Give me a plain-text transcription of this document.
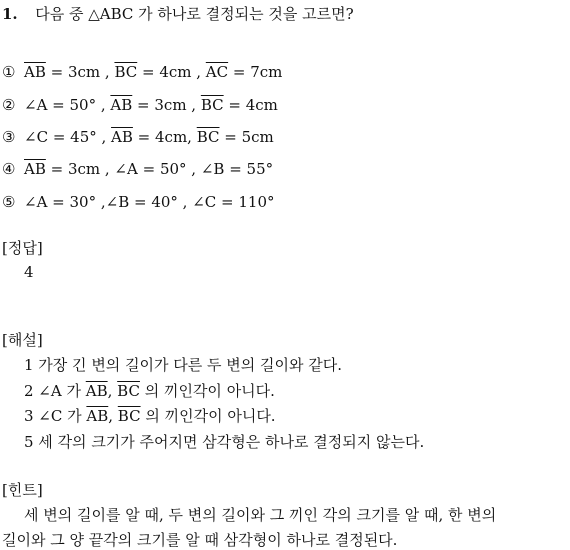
1. 다음 중 △ABC 가 하나로 결정되는 것을 고르면?
① $\overline{AB} = 3cm$ , $\overline{BC} = 4cm$ , $\overline{AC} = 7cm$
② ∠A = 50° , $\overline{AB} = 3cm$ , $\overline{BC} = 4cm$
③ ∠C = 45° , $\overline{AB} = 4cm$, $\overline{BC} = 5cm$
④ $\overline{AB} = 3cm$ , ∠A = 50° , ∠B = 55°
⑤ ∠A = 30° ,∠B = 40° , ∠C = 110°
[정답]
4
[해설]
1 가장 긴 변의 길이가 다른 두 변의 길이와 같다.
2 ∠A 가 $\overline{AB}$, $\overline{BC}$ 의 끼인각이 아니다.
3 ∠C 가 $\overline{AB}$, $\overline{BC}$ 의 끼인각이 아니다.
5 세 각의 크기가 주어지면 삼각형은 하나로 결정되지 않는다.
[힌트]
세 변의 길이를 알 때, 두 변의 길이와 그 끼인 각의 크기를 알 때, 한 변의
길이와 그 양 끝각의 크기를 알 때 삼각형이 하나로 결정된다.
